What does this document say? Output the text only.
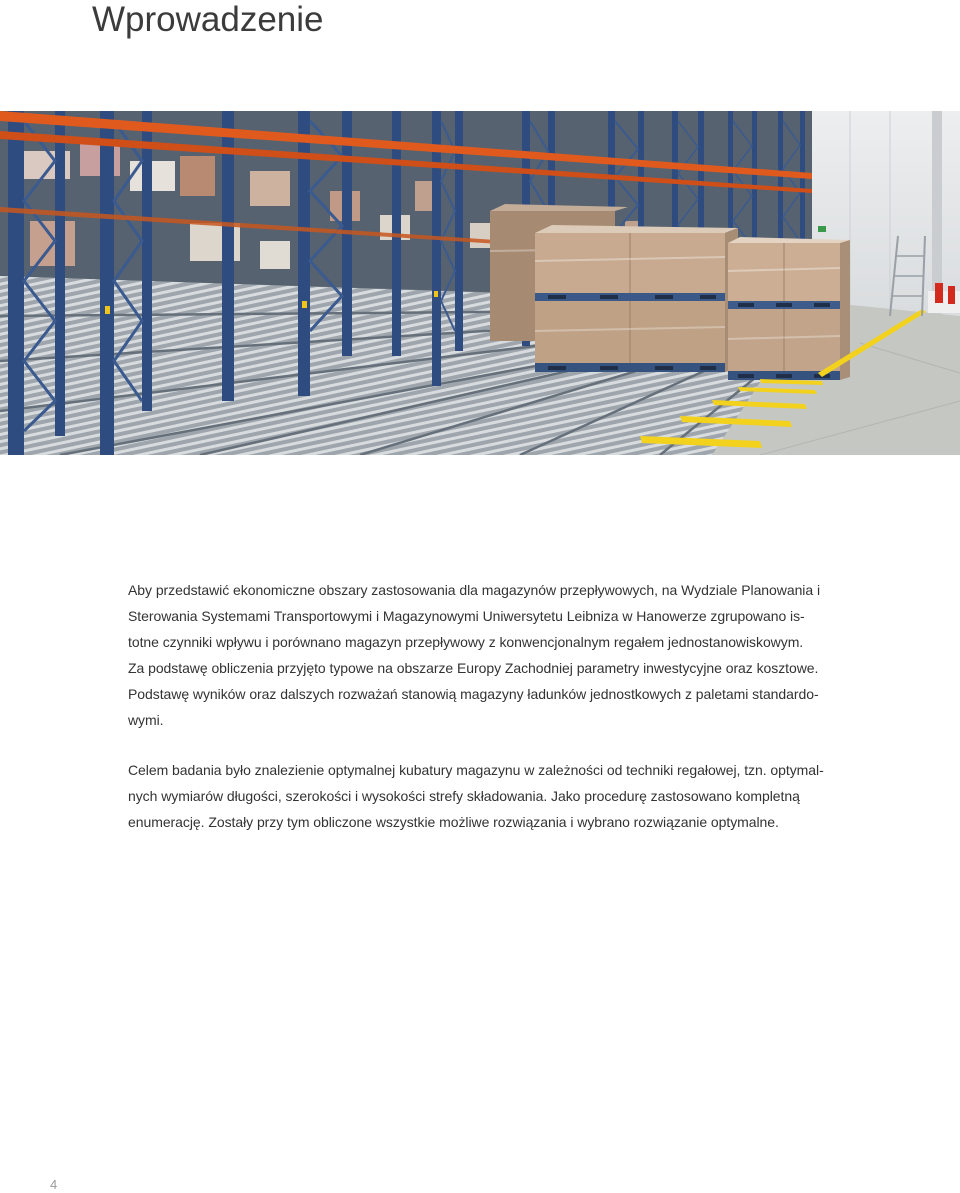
Wprowadzenie
Aby przedstawić ekonomiczne obszary zastosowania dla magazynów przepływowych, na Wydziale Planowania i
Sterowania Systemami Transportowymi i Magazynowymi Uniwersytetu Leibniza w Hanowerze zgrupowano is-
totne czynniki wpływu i porównano magazyn przepływowy z konwencjonalnym regałem jednostanowiskowym.
Za podstawę obliczenia przyjęto typowe na obszarze Europy Zachodniej parametry inwestycyjne oraz kosztowe.
Podstawę wyników oraz dalszych rozważań stanowią magazyny ładunków jednostkowych z paletami standardo-
wymi.
Celem badania było znalezienie optymalnej kubatury magazynu w zależności od techniki regałowej, tzn. optymal-
nych wymiarów długości, szerokości i wysokości strefy składowania. Jako procedurę zastosowano kompletną
enumerację. Zostały przy tym obliczone wszystkie możliwe rozwiązania i wybrano rozwiązanie optymalne.
4
